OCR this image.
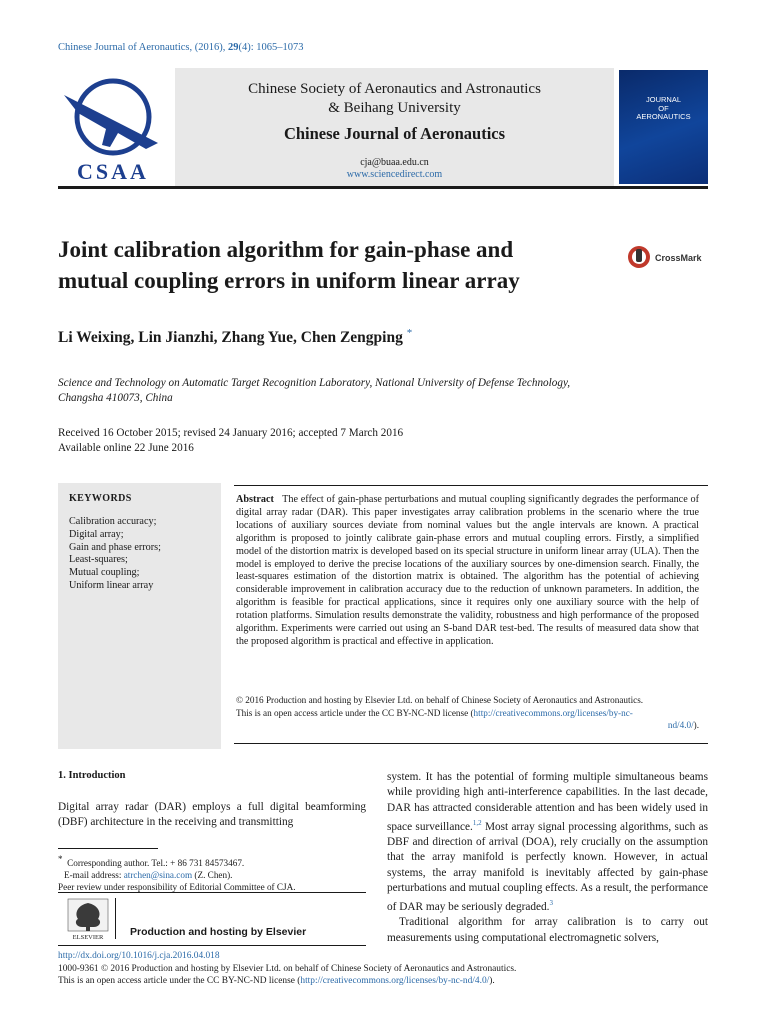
Chinese Journal of Aeronautics, (2016), 29(4): 1065–1073
CSAA
Chinese Society of Aeronautics and Astronautics
& Beihang University
Chinese Journal of Aeronautics
cja@buaa.edu.cn
www.sciencedirect.com
JOURNAL
OF
AERONAUTICS
Joint calibration algorithm for gain-phase and
mutual coupling errors in uniform linear array
CrossMark
Li Weixing, Lin Jianzhi, Zhang Yue, Chen Zengping *
Science and Technology on Automatic Target Recognition Laboratory, National University of Defense Technology,
Changsha 410073, China
Received 16 October 2015; revised 24 January 2016; accepted 7 March 2016
Available online 22 June 2016
KEYWORDS
Calibration accuracy;
Digital array;
Gain and phase errors;
Least-squares;
Mutual coupling;
Uniform linear array
Abstract The effect of gain-phase perturbations and mutual coupling significantly degrades the performance of digital array radar (DAR). This paper investigates array calibration problems in the scenario where the true locations of auxiliary sources deviate from nominal values but the angle intervals are known. A practical algorithm is proposed to jointly calibrate gain-phase errors and mutual coupling errors. Firstly, a simplified model of the distortion matrix is developed based on its special structure in uniform linear array (ULA). Then the model is employed to derive the precise locations of the auxiliary sources by one-dimension search. Finally, the least-squares estimation of the distortion matrix is obtained. The algorithm has the potential of achieving considerable improvement in calibration accuracy due to the reduction of unknown parameters. In addition, the algorithm is feasible for practical applications, since it requires only one auxiliary source with the help of rotation platforms. Simulation results demonstrate the validity, robustness and high performance of the proposed algorithm. Experiments were carried out using an S-band DAR test-bed. The results of measured data show that the proposed algorithm is practical and effective in application.
© 2016 Production and hosting by Elsevier Ltd. on behalf of Chinese Society of Aeronautics and Astronautics.
This is an open access article under the CC BY-NC-ND license (http://creativecommons.org/licenses/by-nc-
nd/4.0/).
1. Introduction
Digital array radar (DAR) employs a full digital beamforming (DBF) architecture in the receiving and transmitting
system. It has the potential of forming multiple simultaneous beams while providing high anti-interference capabilities. In the last decade, DAR has attracted considerable attention and has been widely used in space surveillance.$^{1,2}$ Most array signal processing algorithms, such as DBF and direction of arrival (DOA), rely crucially on the assumption that the array manifold is perfectly known. However, in actual systems, the array manifold is inevitably affected by gain-phase perturbations and mutual coupling effects. As a result, the performance of DAR may be seriously degraded.$^3$
Traditional algorithm for array calibration is to carry out measurements using computational electromagnetic solvers,
* Corresponding author. Tel.: + 86 731 84573467.
E-mail address: atrchen@sina.com (Z. Chen).
Peer review under responsibility of Editorial Committee of CJA.
ELSEVIER	Production and hosting by Elsevier
http://dx.doi.org/10.1016/j.cja.2016.04.018
1000-9361 © 2016 Production and hosting by Elsevier Ltd. on behalf of Chinese Society of Aeronautics and Astronautics.
This is an open access article under the CC BY-NC-ND license (http://creativecommons.org/licenses/by-nc-nd/4.0/).
